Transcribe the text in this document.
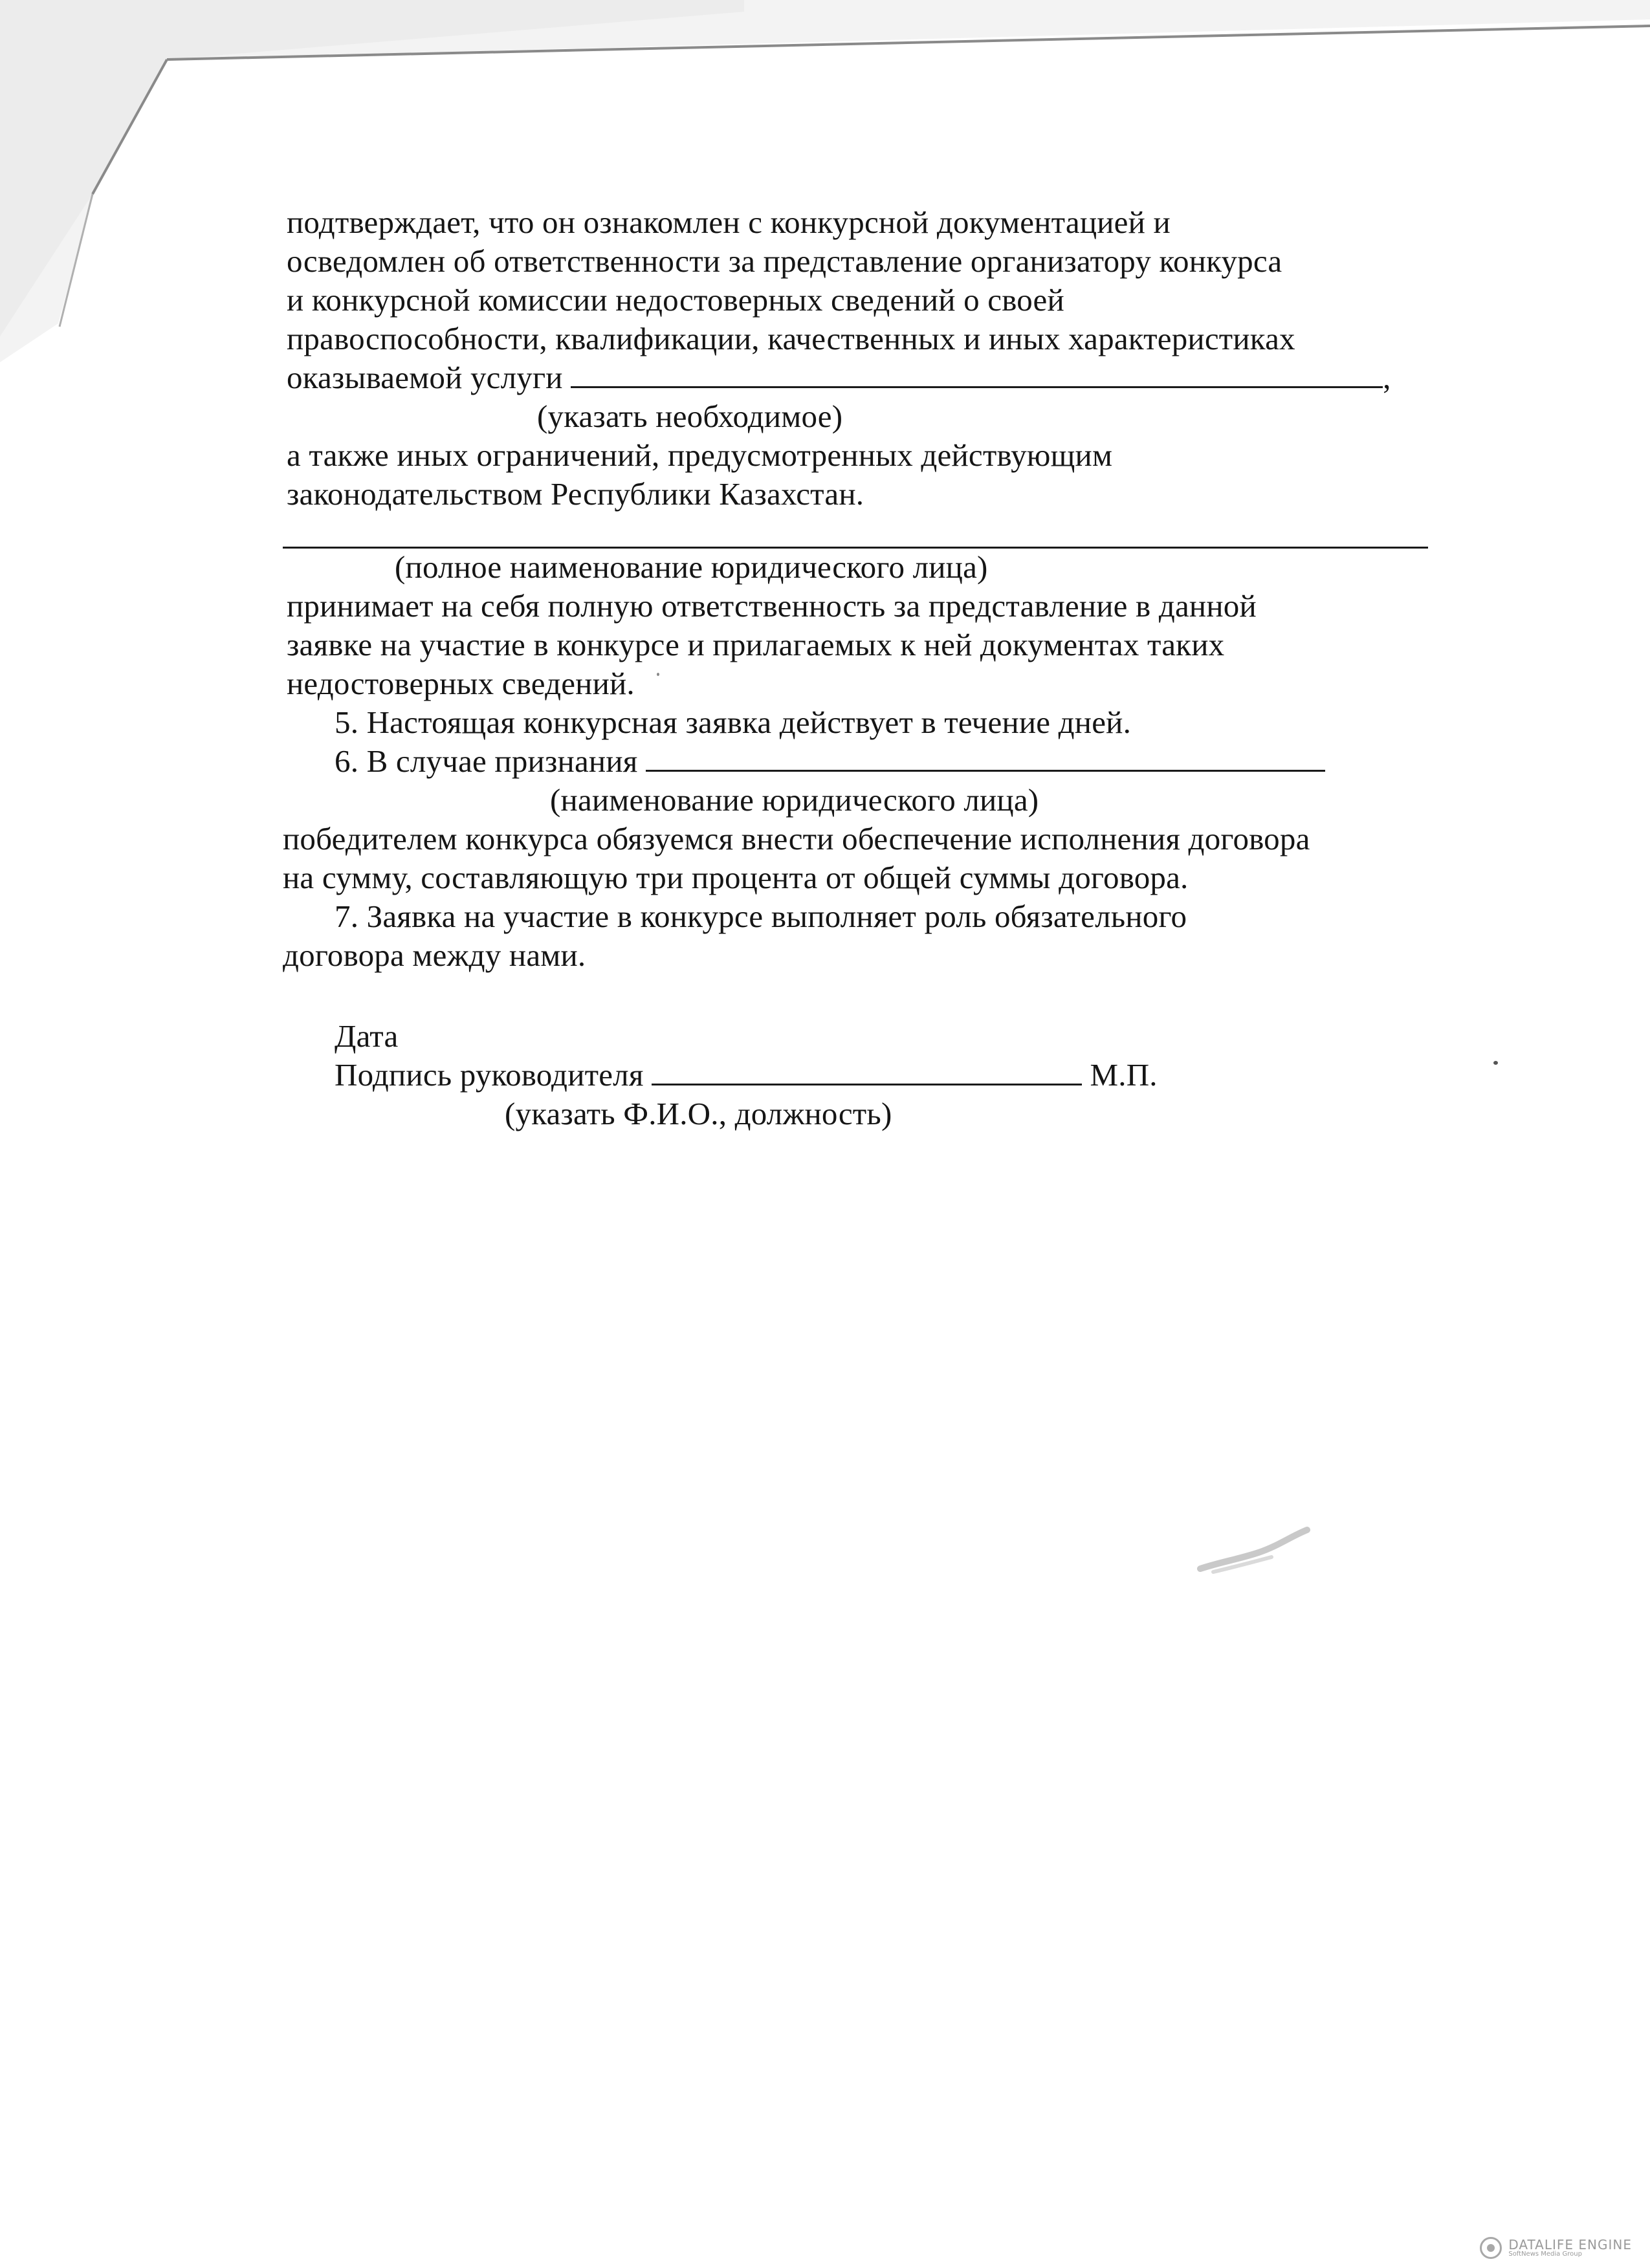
подтверждает, что он ознакомлен с конкурсной документацией и
осведомлен об ответственности за представление организатору конкурса
и конкурсной комиссии недостоверных сведений о своей
правоспособности, квалификации, качественных и иных характеристиках
оказываемой услуги	,
(указать необходимое)
а также иных ограничений, предусмотренных действующим
законодательством Республики Казахстан.
(полное наименование юридического лица)
принимает на себя полную ответственность за представление в данной
заявке на участие в конкурсе и прилагаемых к ней документах таких
недостоверных сведений.
5. Настоящая конкурсная заявка действует в течение дней.
6. В случае признания
(наименование юридического лица)
победителем конкурса обязуемся внести обеспечение исполнения договора
на сумму, составляющую три процента от общей суммы договора.
7. Заявка на участие в конкурсе выполняет роль обязательного
договора между нами.
Дата
Подпись руководителя	М.П.
(указать Ф.И.О., должность)
DATALIFE ENGINE
SoftNews Media Group
